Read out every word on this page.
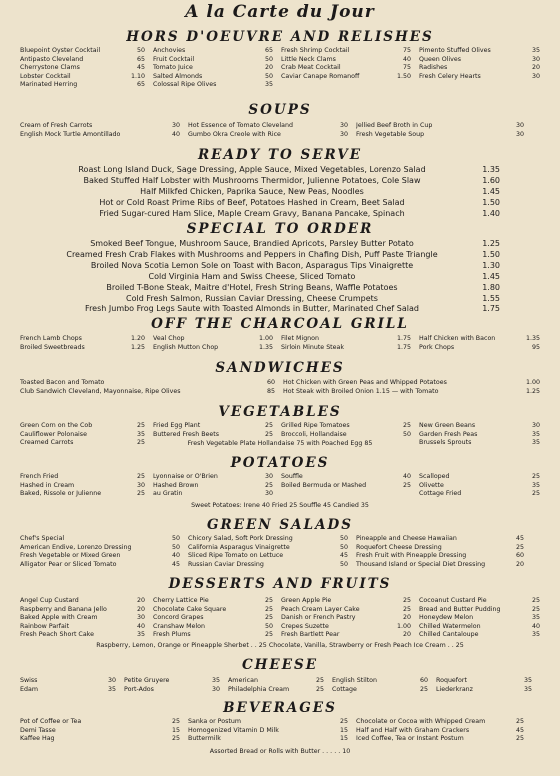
A la Carte du Jour
HORS D'OEUVRE AND RELISHES
Bluepoint Oyster Cocktail	50 Anchovies	65 Fresh Shrimp Cocktail	75 Pimento Stuffed Olives	35
Antipasto Cleveland	65 Fruit Cocktail	50 Little Neck Clams	40 Queen Olives	30
Cherrystone Clams	45 Tomato Juice	20 Crab Meat Cocktail	75 Radishes	20
Lobster Cocktail	1.10 Salted Almonds	50 Caviar Canape Romanoff	1.50 Fresh Celery Hearts	30
Marinated Herring	65 Colossal Ripe Olives	35
SOUPS
Cream of Fresh Carrots	30 Hot Essence of Tomato Cleveland	30 Jellied Beef Broth in Cup	30
English Mock Turtle Amontillado	40 Gumbo Okra Creole with Rice	30 Fresh Vegetable Soup	30
READY TO SERVE
Roast Long Island Duck, Sage Dressing, Apple Sauce, Mixed Vegetables, Lorenzo Salad	1.35
Baked Stuffed Half Lobster with Mushrooms Thermidor, Julienne Potatoes, Cole Slaw	1.60
Half Milkfed Chicken, Paprika Sauce, New Peas, Noodles	1.45
Hot or Cold Roast Prime Ribs of Beef, Potatoes Hashed in Cream, Beet Salad	1.50
Fried Sugar-cured Ham Slice, Maple Cream Gravy, Banana Pancake, Spinach	1.40
SPECIAL TO ORDER
Smoked Beef Tongue, Mushroom Sauce, Brandied Apricots, Parsley Butter Potato	1.25
Creamed Fresh Crab Flakes with Mushrooms and Peppers in Chafing Dish, Puff Paste Triangle	1.50
Broiled Nova Scotia Lemon Sole on Toast with Bacon, Asparagus Tips Vinaigrette	1.30
Cold Virginia Ham and Swiss Cheese, Sliced Tomato	1.45
Broiled T-Bone Steak, Maitre d'Hotel, Fresh String Beans, Waffle Potatoes	1.80
Cold Fresh Salmon, Russian Caviar Dressing, Cheese Crumpets	1.55
Fresh Jumbo Frog Legs Saute with Toasted Almonds in Butter, Marinated Chef Salad	1.75
OFF THE CHARCOAL GRILL
French Lamb Chops	1.20 Veal Chop	1.00 Filet Mignon	1.75 Half Chicken with Bacon	1.35
Broiled Sweetbreads	1.25 English Mutton Chop	1.35 Sirloin Minute Steak	1.75 Pork Chops	95
SANDWICHES
Toasted Bacon and Tomato	60 Hot Chicken with Green Peas and Whipped Potatoes	1.00
Club Sandwich Cleveland, Mayonnaise, Ripe Olives	85 Hot Steak with Broiled Onion 1.15 — with Tomato	1.25
VEGETABLES
Green Corn on the Cob	25 Fried Egg Plant	25 Grilled Ripe Tomatoes	25 New Green Beans	30
Cauliflower Polonaise	35 Buttered Fresh Beets	25 Broccoli, Hollandaise	50 Garden Fresh Peas	35
Creamed Carrots	25	Brussels Sprouts	35
Fresh Vegetable Plate Hollandaise 75 with Poached Egg 85
POTATOES
French Fried	25 Lyonnaise or O'Brien	30 Souffle	40 Scalloped	25
Hashed in Cream	30 Hashed Brown	25 Boiled Bermuda or Mashed	25 Olivette	35
Baked, Rissole or Julienne	25 au Gratin	30	Cottage Fried	25
Sweet Potatoes: Irene 40 Fried 25 Souffle 45 Candied 35
GREEN SALADS
Chef's Special	50 Chicory Salad, Soft Pork Dressing	50 Pineapple and Cheese Hawaiian	45
American Endive, Lorenzo Dressing	50 California Asparagus Vinaigrette	50 Roquefort Cheese Dressing	25
Fresh Vegetable or Mixed Green	40 Sliced Ripe Tomato on Lettuce	45 Fresh Fruit with Pineapple Dressing	60
Alligator Pear or Sliced Tomato	45 Russian Caviar Dressing	50 Thousand Island or Special Diet Dressing	20
DESSERTS AND FRUITS
Angel Cup Custard	20 Cherry Lattice Pie	25 Green Apple Pie	25 Cocoanut Custard Pie	25
Raspberry and Banana Jello	20 Chocolate Cake Square	25 Peach Cream Layer Cake	25 Bread and Butter Pudding	25
Baked Apple with Cream	30 Concord Grapes	25 Danish or French Pastry	20 Honeydew Melon	35
Rainbow Parfait	40 Cranshaw Melon	50 Crepes Suzette	1.00 Chilled Watermelon	40
Fresh Peach Short Cake	35 Fresh Plums	25 Fresh Bartlett Pear	20 Chilled Cantaloupe	35
Raspberry, Lemon, Orange or Pineapple Sherbet . . 25 Chocolate, Vanilla, Strawberry or Fresh Peach Ice Cream . . 25
CHEESE
Swiss	30 Petite Gruyere	35 American	25 English Stilton	60 Roquefort	35
Edam	35 Port-Ados	30 Philadelphia Cream	25 Cottage	25 Liederkranz	35
BEVERAGES
Pot of Coffee or Tea	25 Sanka or Postum	25 Chocolate or Cocoa with Whipped Cream	25
Demi Tasse	15 Homogenized Vitamin D Milk	15 Half and Half with Graham Crackers	45
Kaffee Hag	25 Buttermilk	15 Iced Coffee, Tea or Instant Postum	25
Assorted Bread or Rolls with Butter . . . . . 10
